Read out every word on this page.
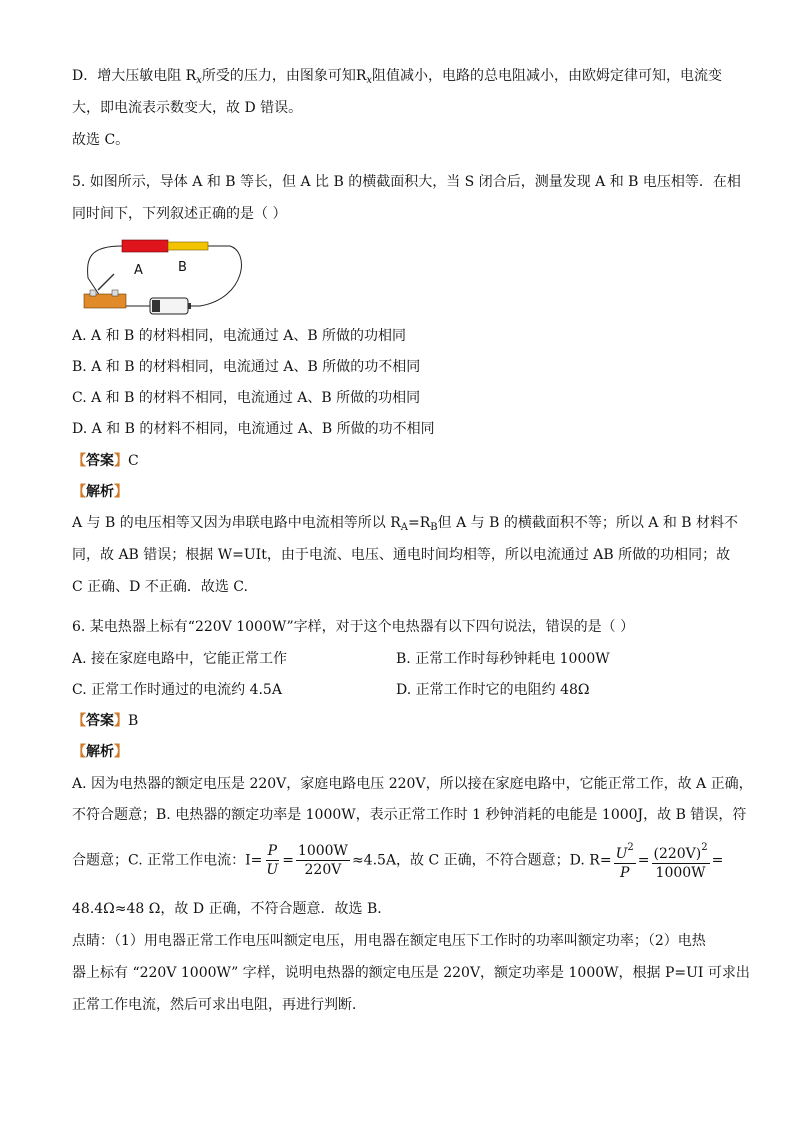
D．增大压敏电阻 $R_x$所受的压力，由图象可知$R_x$阻值减小，电路的总电阻减小，由欧姆定律可知，电流变
大，即电流表示数变大，故 D 错误。
故选 C。
5. 如图所示，导体 A 和 B 等长，但 A 比 B 的横截面积大，当 S 闭合后，测量发现 A 和 B 电压相等．在相
同时间下，下列叙述正确的是（ ）
A	B
A. A 和 B 的材料相同，电流通过 A、B 所做的功相同
B. A 和 B 的材料相同，电流通过 A、B 所做的功不相同
C. A 和 B 的材料不相同，电流通过 A、B 所做的功相同
D. A 和 B 的材料不相同，电流通过 A、B 所做的功不相同
【答案】C
【解析】
A 与 B 的电压相等又因为串联电路中电流相等所以 $R_A=R_B$但 A 与 B 的横截面积不等；所以 A 和 B 材料不
同，故 AB 错误；根据 W=UIt，由于电流、电压、通电时间均相等，所以电流通过 AB 所做的功相同；故
C 正确、D 不正确．故选 C.
6. 某电热器上标有“220V 1000W”字样，对于这个电热器有以下四句说法，错误的是（ ）
A. 接在家庭电路中，它能正常工作	B. 正常工作时每秒钟耗电 1000W
C. 正常工作时通过的电流约 4.5A	D. 正常工作时它的电阻约 48Ω
【答案】B
【解析】
A. 因为电热器的额定电压是 220V，家庭电路电压 220V，所以接在家庭电路中，它能正常工作，故 A 正确，
不符合题意；B. 电热器的额定功率是 1000W，表示正常工作时 1 秒钟消耗的电能是 1000J，故 B 错误，符
合题意；C. 正常工作电流：$I= \frac{P}{U} = \frac{1000W}{220V} \approx 4.5A$，故 C 正确，不符合题意；D. $R= \frac{U^2}{P} = \frac{(220V)^2}{1000W}$ =
48.4Ω≈48 Ω，故 D 正确，不符合题意．故选 B.
点睛：（1）用电器正常工作电压叫额定电压，用电器在额定电压下工作时的功率叫额定功率；（2）电热
器上标有 “220V 1000W” 字样，说明电热器的额定电压是 220V，额定功率是 1000W，根据 P=UI 可求出
正常工作电流，然后可求出电阻，再进行判断．
